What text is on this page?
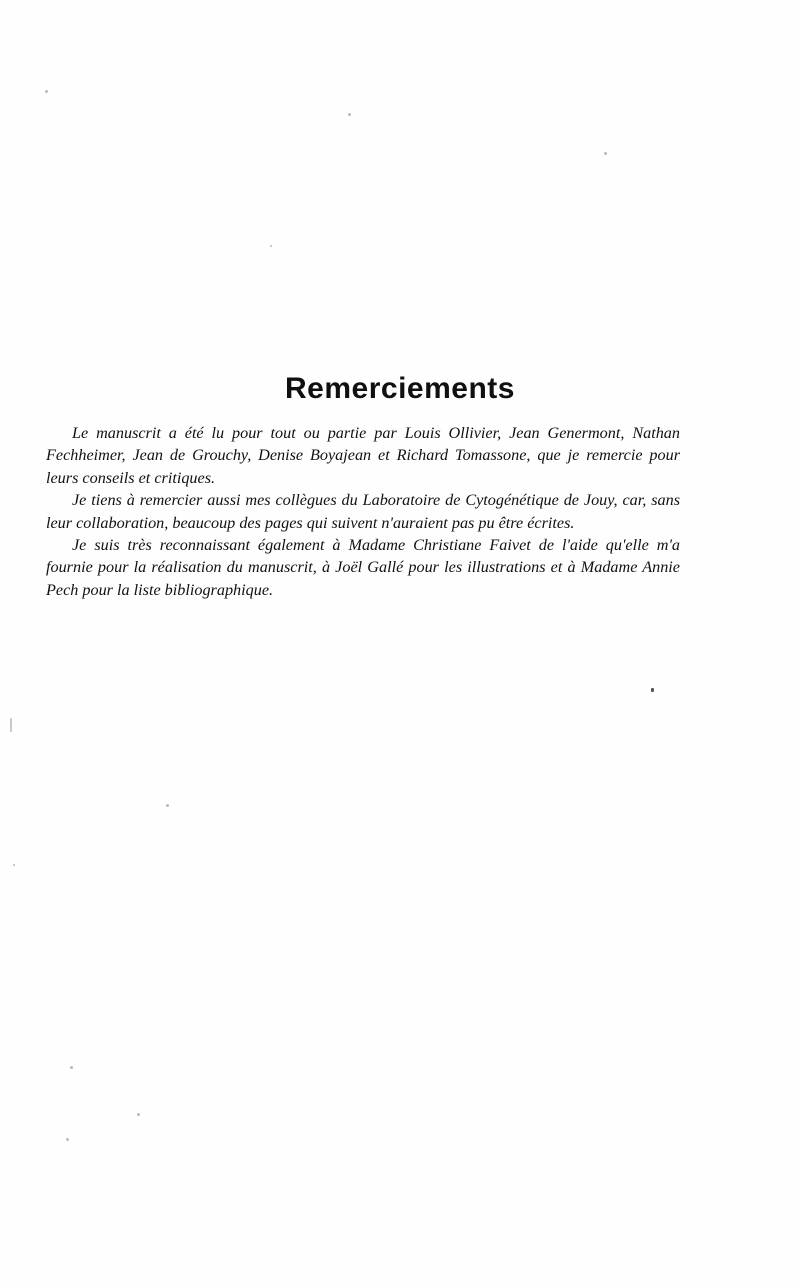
Remerciements

Le manuscrit a été lu pour tout ou partie par Louis Ollivier, Jean Genermont, Nathan Fechheimer, Jean de Grouchy, Denise Boyajean et Richard Tomassone, que je remercie pour leurs conseils et critiques.

Je tiens à remercier aussi mes collègues du Laboratoire de Cytogénétique de Jouy, car, sans leur collaboration, beaucoup des pages qui suivent n'auraient pas pu être écrites.

Je suis très reconnaissant également à Madame Christiane Faivet de l'aide qu'elle m'a fournie pour la réalisation du manuscrit, à Joël Gallé pour les illustrations et à Madame Annie Pech pour la liste bibliographique.
